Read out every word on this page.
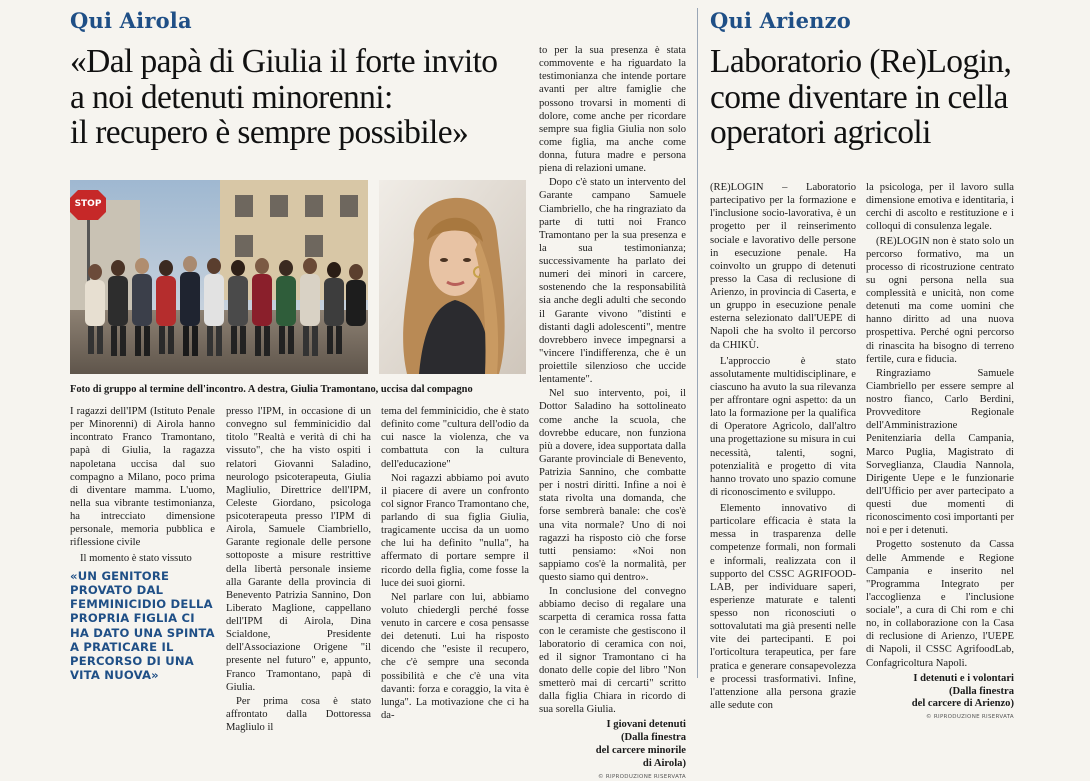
Qui Airola
«Dal papà di Giulia il forte invito
a noi detenuti minorenni:
il recupero è sempre possibile»
STOP
Foto di gruppo al termine dell'incontro. A destra, Giulia Tramontano, uccisa dal compagno

I ragazzi dell'IPM (Istituto Penale per Minorenni) di Airola hanno incontrato Franco Tramontano, papà di Giulia, la ragazza napoletana uccisa dal suo compagno a Milano, poco prima di diventare mamma. L'uomo, nella sua vibrante testimonianza, ha intrecciato dimensione personale, memoria pubblica e riflessione civile

Il momento è stato vissuto

«UN GENITORE PROVATO DAL FEMMINICIDIO DELLA PROPRIA FIGLIA CI HA DATO UNA SPINTA A PRATICARE IL PERCORSO DI UNA VITA NUOVA»

presso l'IPM, in occasione di un convegno sul femminicidio dal titolo "Realtà e verità di chi ha vissuto", che ha visto ospiti i relatori Giovanni Saladino, neurologo psicoterapeuta, Giulia Magliulio, Direttrice dell'IPM, Celeste Giordano, psicologa psicoterapeuta presso l'IPM di Airola, Samuele Ciambriello, Garante regionale delle persone sottoposte a misure restrittive della libertà personale insieme alla Garante della provincia di Benevento Patrizia Sannino, Don Liberato Maglione, cappellano dell'IPM di Airola, Dina Scialdone, Presidente dell'Associazione Origene "il presente nel futuro" e, appunto, Franco Tramontano, papà di Giulia.

Per prima cosa è stato affrontato dalla Dottoressa Magliulo il

tema del femminicidio, che è stato definito come "cultura dell'odio da cui nasce la violenza, che va combattuta con la cultura dell'educazione"

Noi ragazzi abbiamo poi avuto il piacere di avere un confronto col signor Franco Tramontano che, parlando di sua figlia Giulia, tragicamente uccisa da un uomo che lui ha definito "nulla", ha affermato di portare sempre il ricordo della figlia, come fosse la luce dei suoi giorni.

Nel parlare con lui, abbiamo voluto chiedergli perché fosse venuto in carcere e cosa pensasse dei detenuti. Lui ha risposto dicendo che "esiste il recupero, che c'è sempre una seconda possibilità e che c'è una vita davanti: forza e coraggio, la vita è lunga". La motivazione che ci ha da-

to per la sua presenza è stata commovente e ha riguardato la testimonianza che intende portare avanti per altre famiglie che possono trovarsi in momenti di dolore, come anche per ricordare sempre sua figlia Giulia non solo come figlia, ma anche come donna, futura madre e persona piena di relazioni umane.

Dopo c'è stato un intervento del Garante campano Samuele Ciambriello, che ha ringraziato da parte di tutti noi Franco Tramontano per la sua presenza e la sua testimonianza; successivamente ha parlato dei numeri dei minori in carcere, sostenendo che la responsabilità sia anche degli adulti che secondo il Garante vivono "distinti e distanti dagli adolescenti", mentre dovrebbero invece impegnarsi a "vincere l'indifferenza, che è un proiettile silenzioso che uccide lentamente".

Nel suo intervento, poi, il Dottor Saladino ha sottolineato come anche la scuola, che dovrebbe educare, non funziona più a dovere, idea supportata dalla Garante provinciale di Benevento, Patrizia Sannino, che combatte per i nostri diritti. Infine a noi è stata rivolta una domanda, che forse sembrerà banale: che cos'è una vita normale? Uno di noi ragazzi ha risposto ciò che forse tutti pensiamo: «Noi non sappiamo cos'è la normalità, per questo siamo qui dentro».

In conclusione del convegno abbiamo deciso di regalare una scarpetta di ceramica rossa fatta con le ceramiste che gestiscono il laboratorio di ceramica con noi, ed il signor Tramontano ci ha donato delle copie del libro "Non smetterò mai di cercarti" scritto dalla figlia Chiara in ricordo di sua sorella Giulia.

I giovani detenuti
(Dalla finestra
del carcere minorile
di Airola)
© RIPRODUZIONE RISERVATA
Qui Arienzo
Laboratorio (Re)Login,
come diventare in cella
operatori agricoli

(RE)LOGIN – Laboratorio partecipativo per la formazione e l'inclusione socio-lavorativa, è un progetto per il reinserimento sociale e lavorativo delle persone in esecuzione penale. Ha coinvolto un gruppo di detenuti presso la Casa di reclusione di Arienzo, in provincia di Caserta, e un gruppo in esecuzione penale esterna selezionato dall'UEPE di Napoli che ha svolto il percorso da CHIKÙ.

L'approccio è stato assolutamente multidisciplinare, e ciascuno ha avuto la sua rilevanza per affrontare ogni aspetto: da un lato la formazione per la qualifica di Operatore Agricolo, dall'altro una progettazione su misura in cui necessità, talenti, sogni, potenzialità e progetto di vita hanno trovato uno spazio comune di riconoscimento e sviluppo.

Elemento innovativo di particolare efficacia è stata la messa in trasparenza delle competenze formali, non formali e informali, realizzata con il supporto del CSSC AGRIFOOD-LAB, per individuare saperi, esperienze maturate e talenti spesso non riconosciuti o sottovalutati ma già presenti nelle vite dei partecipanti. E poi l'orticoltura terapeutica, per fare pratica e generare consapevolezza e processi trasformativi. Infine, l'attenzione alla persona grazie alle sedute con

la psicologa, per il lavoro sulla dimensione emotiva e identitaria, i cerchi di ascolto e restituzione e i colloqui di consulenza legale.

(RE)LOGIN non è stato solo un percorso formativo, ma un processo di ricostruzione centrato su ogni persona nella sua complessità e unicità, non come detenuti ma come uomini che hanno diritto ad una nuova prospettiva. Perché ogni percorso di rinascita ha bisogno di terreno fertile, cura e fiducia.

Ringraziamo Samuele Ciambriello per essere sempre al nostro fianco, Carlo Berdini, Provveditore Regionale dell'Amministrazione Penitenziaria della Campania, Marco Puglia, Magistrato di Sorveglianza, Claudia Nannola, Dirigente Uepe e le funzionarie dell'Ufficio per aver partecipato a questi due momenti di riconoscimento così importanti per noi e per i detenuti.

Progetto sostenuto da Cassa delle Ammende e Regione Campania e inserito nel "Programma Integrato per l'accoglienza e l'inclusione sociale", a cura di Chi rom e chi no, in collaborazione con la Casa di reclusione di Arienzo, l'UEPE di Napoli, il CSSC AgrifoodLab, Confagricoltura Napoli.

I detenuti e i volontari
(Dalla finestra
del carcere di Arienzo)
© RIPRODUZIONE RISERVATA
